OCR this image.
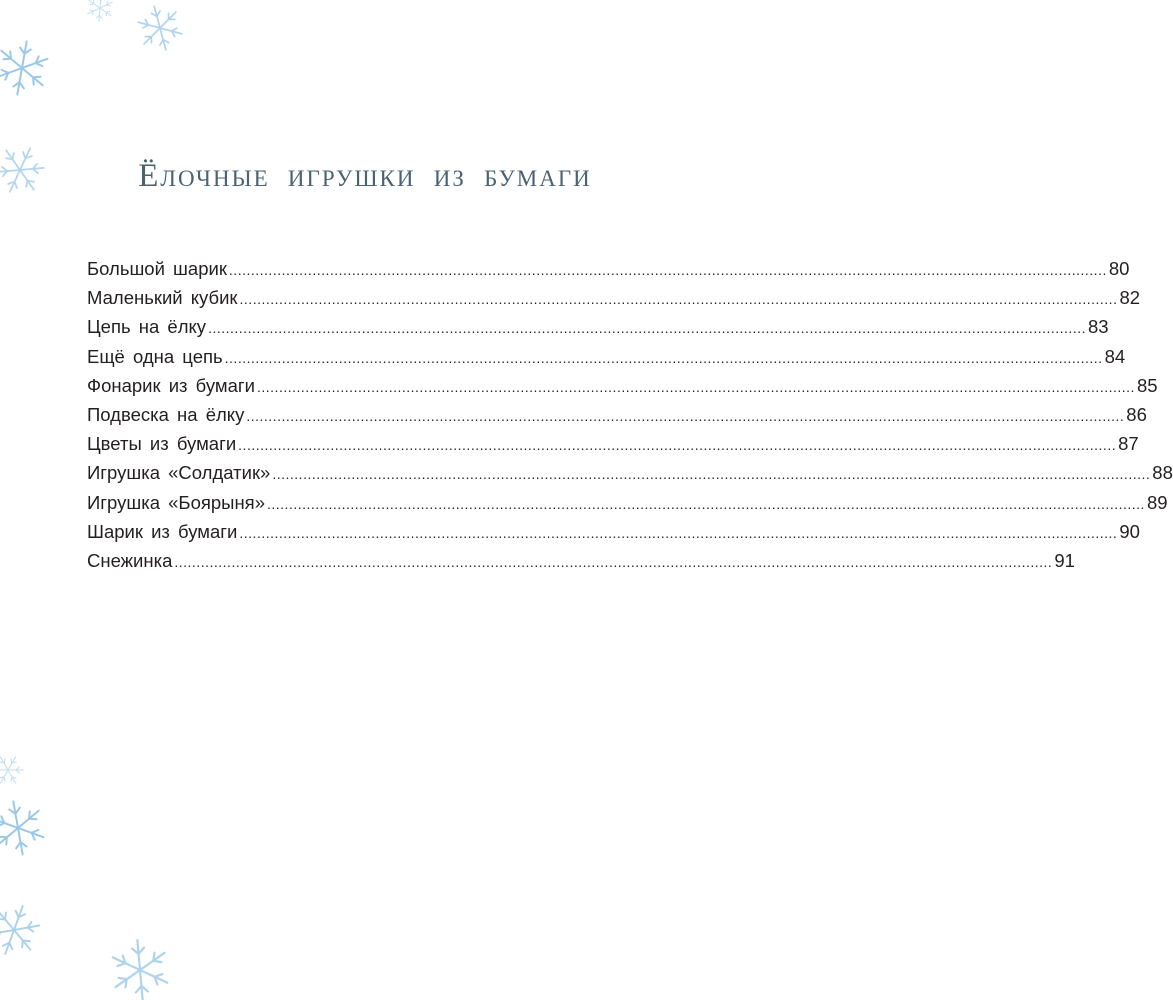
Ёлочные игрушки из бумаги
Большой шарик ........................................................................................................................................................................................................ 80
Маленький кубик ........................................................................................................................................................................................................ 82
Цепь на ёлку ........................................................................................................................................................................................................ 83
Ещё одна цепь ........................................................................................................................................................................................................ 84
Фонарик из бумаги ........................................................................................................................................................................................................ 85
Подвеска на ёлку ........................................................................................................................................................................................................ 86
Цветы из бумаги ........................................................................................................................................................................................................ 87
Игрушка «Солдатик» ........................................................................................................................................................................................................ 88
Игрушка «Боярыня» ........................................................................................................................................................................................................ 89
Шарик из бумаги ........................................................................................................................................................................................................ 90
Снежинка ........................................................................................................................................................................................................ 91
